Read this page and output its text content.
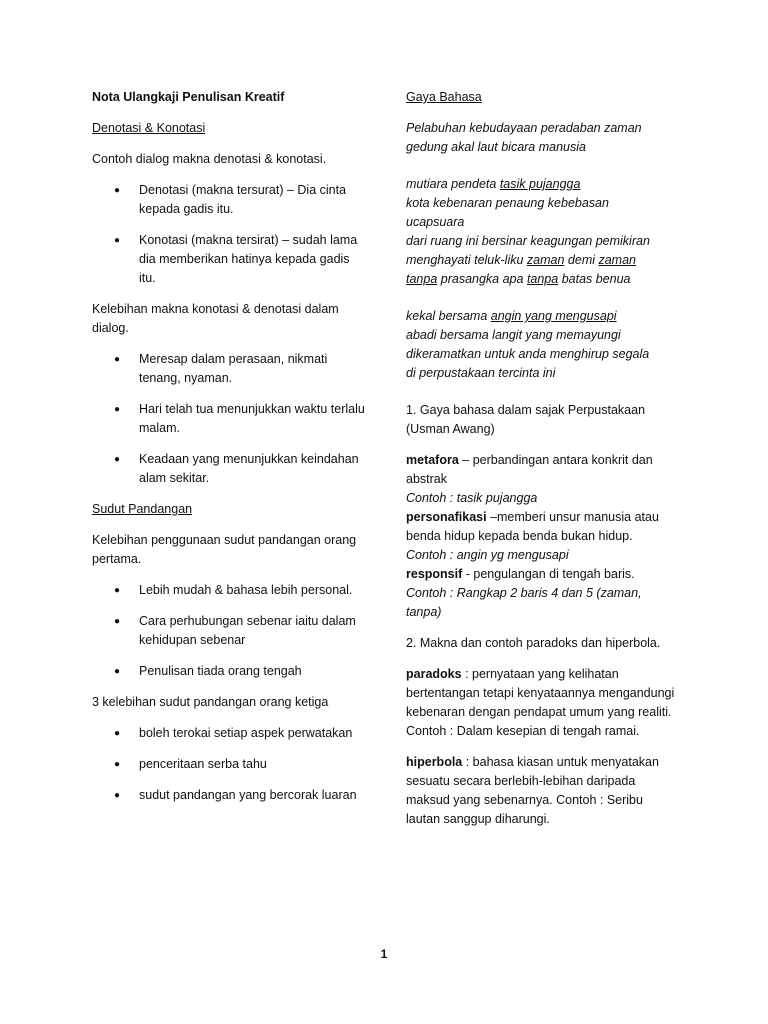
Nota Ulangkaji Penulisan Kreatif

Denotasi & Konotasi

Contoh dialog makna denotasi & konotasi.

● Denotasi (makna tersurat) – Dia cinta kepada gadis itu.
● Konotasi (makna tersirat) – sudah lama dia memberikan hatinya kepada gadis itu.

Kelebihan makna konotasi & denotasi dalam dialog.

● Meresap dalam perasaan, nikmati tenang, nyaman.
● Hari telah tua menunjukkan waktu terlalu malam.
● Keadaan yang menunjukkan keindahan alam sekitar.

Sudut Pandangan

Kelebihan penggunaan sudut pandangan orang pertama.

● Lebih mudah & bahasa lebih personal.
● Cara perhubungan sebenar iaitu dalam kehidupan sebenar
● Penulisan tiada orang tengah

3 kelebihan sudut pandangan orang ketiga

● boleh terokai setiap aspek perwatakan
● penceritaan serba tahu
● sudut pandangan yang bercorak luaran

Gaya Bahasa

Pelabuhan kebudayaan peradaban zaman

gedung akal laut bicara manusia

mutiara pendeta tasik pujangga

kota kebenaran penaung kebebasan

ucapsuara

dari ruang ini bersinar keagungan pemikiran

menghayati teluk-liku zaman demi zaman

tanpa prasangka apa tanpa batas benua

kekal bersama angin yang mengusapi

abadi bersama langit yang memayungi

dikeramatkan untuk anda menghirup segala

di perpustakaan tercinta ini

1. Gaya bahasa dalam sajak Perpustakaan (Usman Awang)

metafora – perbandingan antara konkrit dan abstrak

Contoh : tasik pujangga

personafikasi –memberi unsur manusia atau benda hidup kepada benda bukan hidup.

Contoh : angin yg mengusapi

responsif - pengulangan di tengah baris.

Contoh : Rangkap 2 baris 4 dan 5 (zaman, tanpa)

2. Makna dan contoh paradoks dan hiperbola.

paradoks : pernyataan yang kelihatan bertentangan tetapi kenyataannya mengandungi kebenaran dengan pendapat umum yang realiti. Contoh : Dalam kesepian di tengah ramai.

hiperbola : bahasa kiasan untuk menyatakan sesuatu secara berlebih-lebihan daripada maksud yang sebenarnya. Contoh : Seribu lautan sanggup diharungi.

1
